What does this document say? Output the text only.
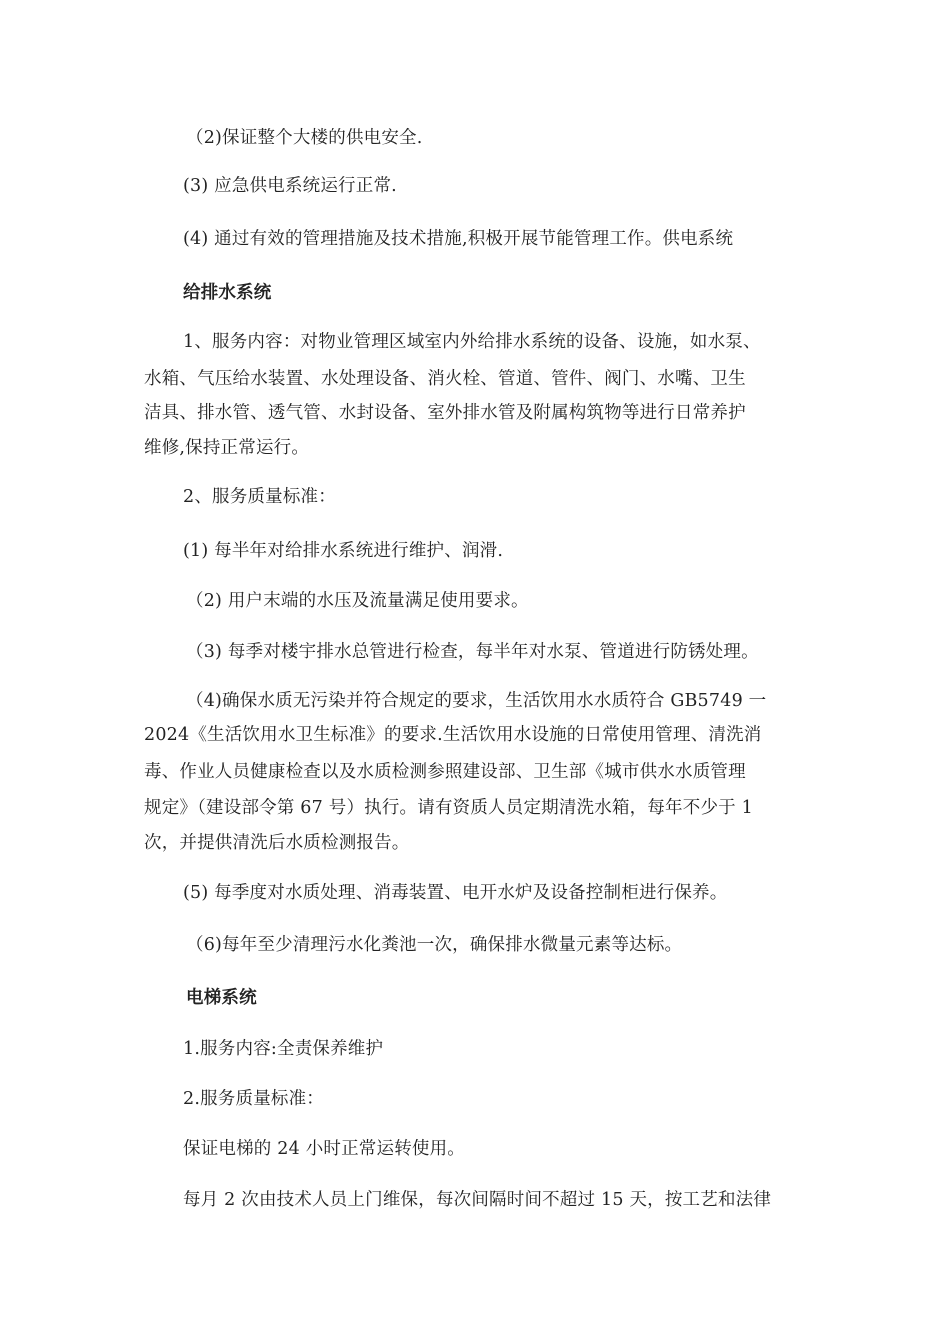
（2)保证整个大楼的供电安全.
(3) 应急供电系统运行正常.
(4) 通过有效的管理措施及技术措施,积极开展节能管理工作。供电系统
给排水系统
1、服务内容：对物业管理区域室内外给排水系统的设备、设施，如水泵、
水箱、气压给水装置、水处理设备、消火栓、管道、管件、阀门、水嘴、卫生
洁具、排水管、透气管、水封设备、室外排水管及附属构筑物等进行日常养护
维修,保持正常运行。
2、服务质量标准：
(1) 每半年对给排水系统进行维护、润滑.
（2) 用户末端的水压及流量满足使用要求。
（3) 每季对楼宇排水总管进行检查，每半年对水泵、管道进行防锈处理。
（4)确保水质无污染并符合规定的要求，生活饮用水水质符合 GB5749 一
2024《生活饮用水卫生标准》的要求.生活饮用水设施的日常使用管理、清洗消
毒、作业人员健康检查以及水质检测参照建设部、卫生部《城市供水水质管理
规定》（建设部令第 67 号）执行。请有资质人员定期清洗水箱，每年不少于 1
次，并提供清洗后水质检测报告。
(5) 每季度对水质处理、消毒装置、电开水炉及设备控制柜进行保养。
（6)每年至少清理污水化粪池一次，确保排水微量元素等达标。
电梯系统
1.服务内容:全责保养维护
2.服务质量标准：
保证电梯的 24 小时正常运转使用。
每月 2 次由技术人员上门维保，每次间隔时间不超过 15 天，按工艺和法律
